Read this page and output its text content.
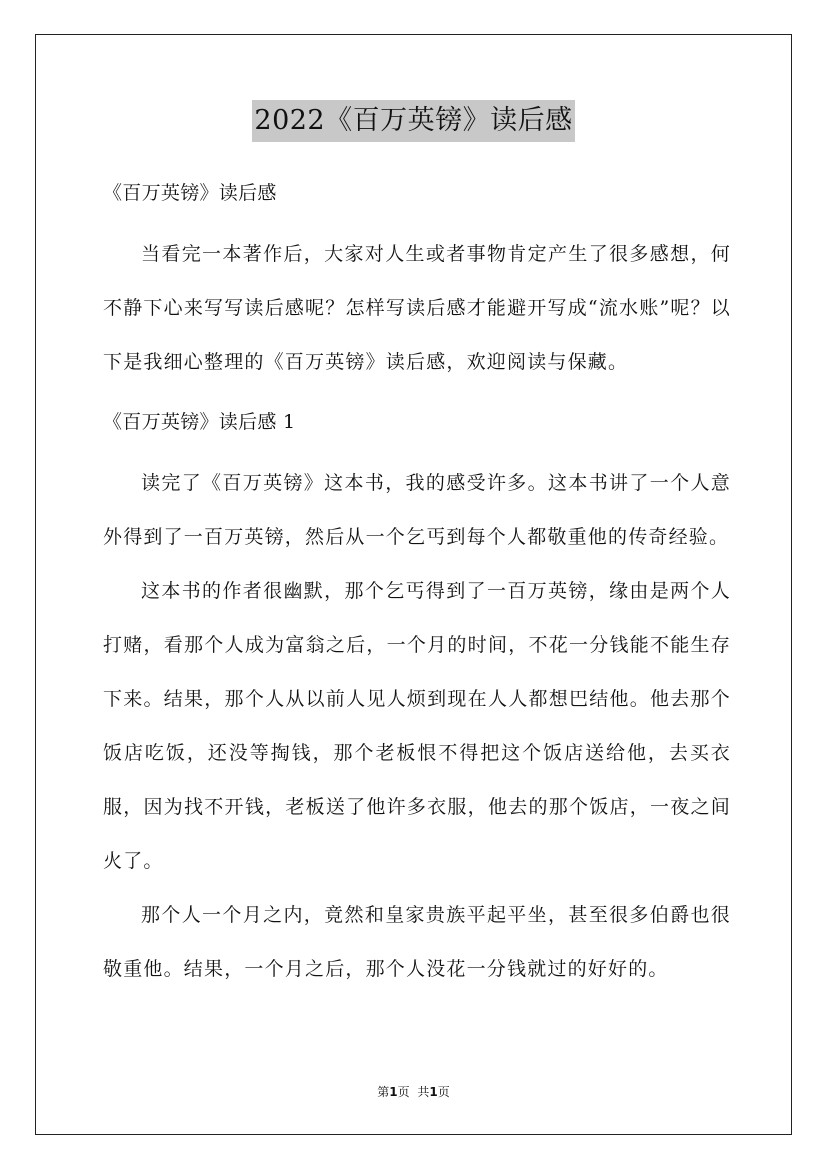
2022《百万英镑》读后感

《百万英镑》读后感

当看完一本著作后，大家对人生或者事物肯定产生了很多感想，何不静下心来写写读后感呢？怎样写读后感才能避开写成“流水账”呢？以下是我细心整理的《百万英镑》读后感，欢迎阅读与保藏。

《百万英镑》读后感 1

读完了《百万英镑》这本书，我的感受许多。这本书讲了一个人意外得到了一百万英镑，然后从一个乞丐到每个人都敬重他的传奇经验。

这本书的作者很幽默，那个乞丐得到了一百万英镑，缘由是两个人打赌，看那个人成为富翁之后，一个月的时间，不花一分钱能不能生存下来。结果，那个人从以前人见人烦到现在人人都想巴结他。他去那个饭店吃饭，还没等掏钱，那个老板恨不得把这个饭店送给他，去买衣服，因为找不开钱，老板送了他许多衣服，他去的那个饭店，一夜之间火了。

那个人一个月之内，竟然和皇家贵族平起平坐，甚至很多伯爵也很敬重他。结果，一个月之后，那个人没花一分钱就过的好好的。

第1页 共1页
